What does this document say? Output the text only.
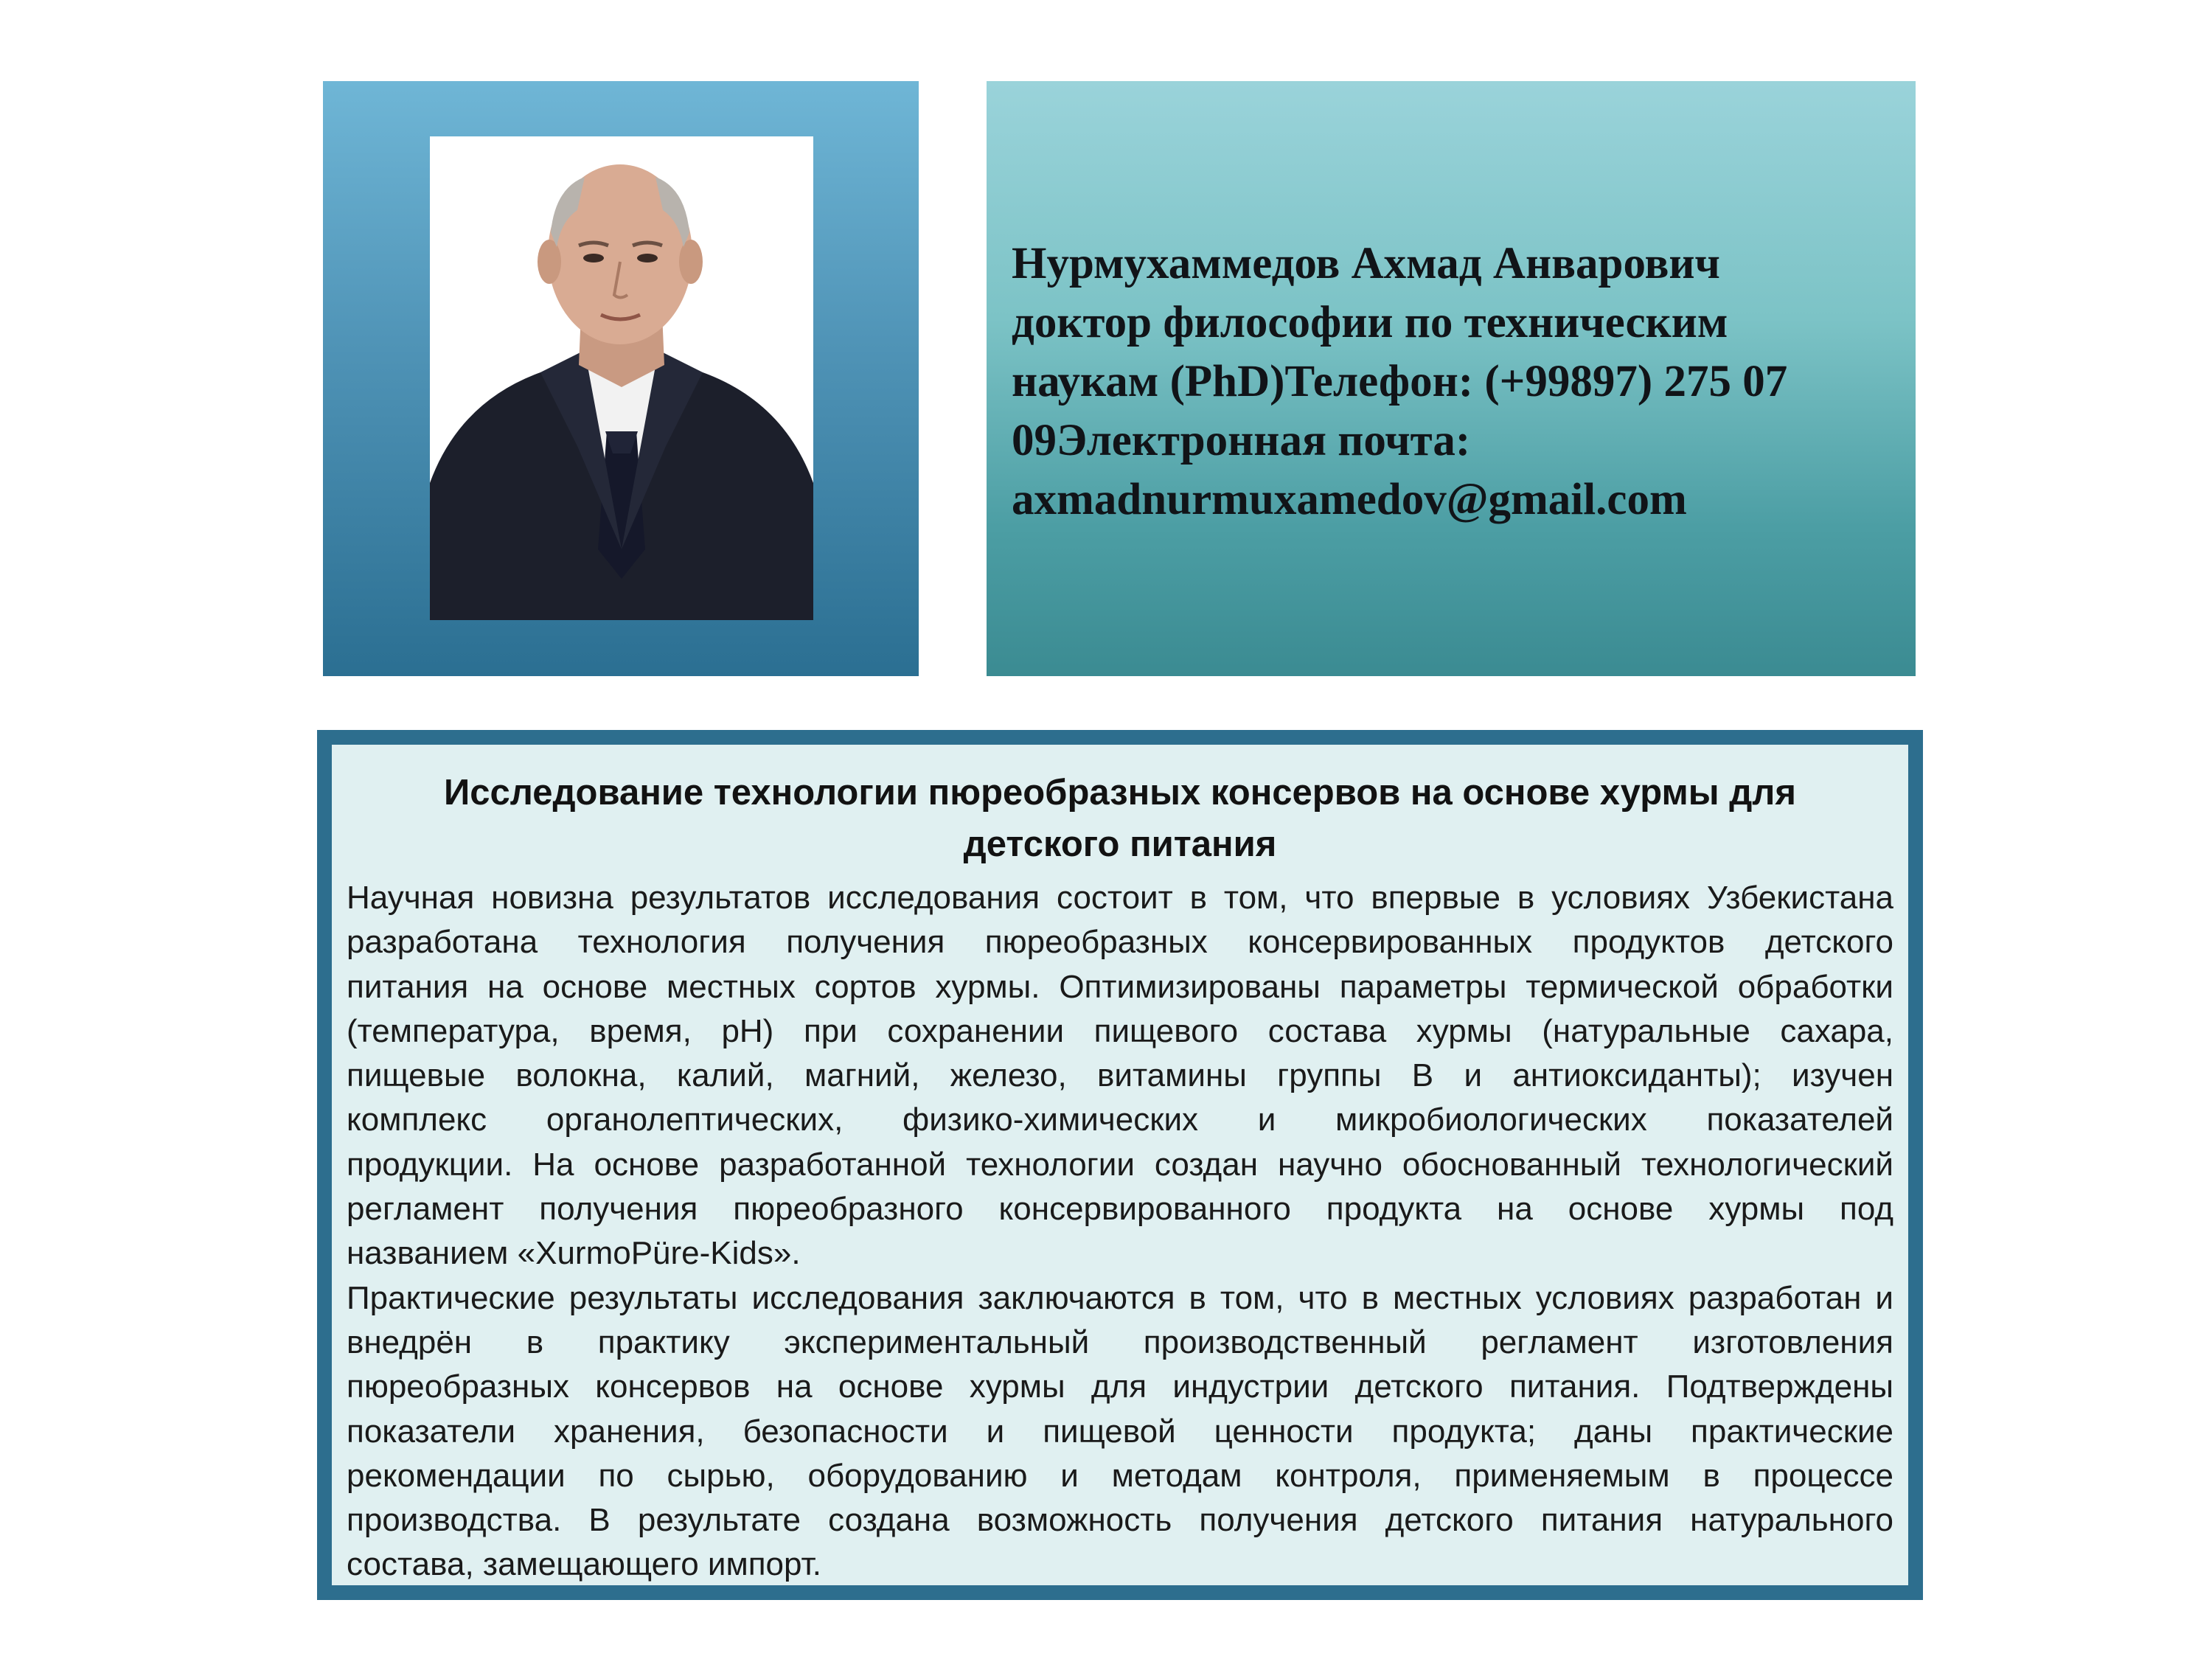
Нурмухаммедов Ахмад Анварович
доктор философии по техническим
наукам (PhD)Телефон: (+99897) 275 07
09Электронная почта:
axmadnurmuxamedov@gmail.com
Исследование технологии пюреобразных консервов на основе хурмы для
детского питания
Научная новизна результатов исследования состоит в том, что впервые в условиях Узбекистана
разработана технология получения пюреобразных консервированных продуктов детского
питания на основе местных сортов хурмы. Оптимизированы параметры термической обработки
(температура, время, pH) при сохранении пищевого состава хурмы (натуральные сахара,
пищевые волокна, калий, магний, железо, витамины группы B и антиоксиданты); изучен
комплекс органолептических, физико-химических и микробиологических показателей
продукции. На основе разработанной технологии создан научно обоснованный технологический
регламент получения пюреобразного консервированного продукта на основе хурмы под
названием «XurmoPüre-Kids».
Практические результаты исследования заключаются в том, что в местных условиях разработан и
внедрён в практику экспериментальный производственный регламент изготовления
пюреобразных консервов на основе хурмы для индустрии детского питания. Подтверждены
показатели хранения, безопасности и пищевой ценности продукта; даны практические
рекомендации по сырью, оборудованию и методам контроля, применяемым в процессе
производства. В результате создана возможность получения детского питания натурального
состава, замещающего импорт.
